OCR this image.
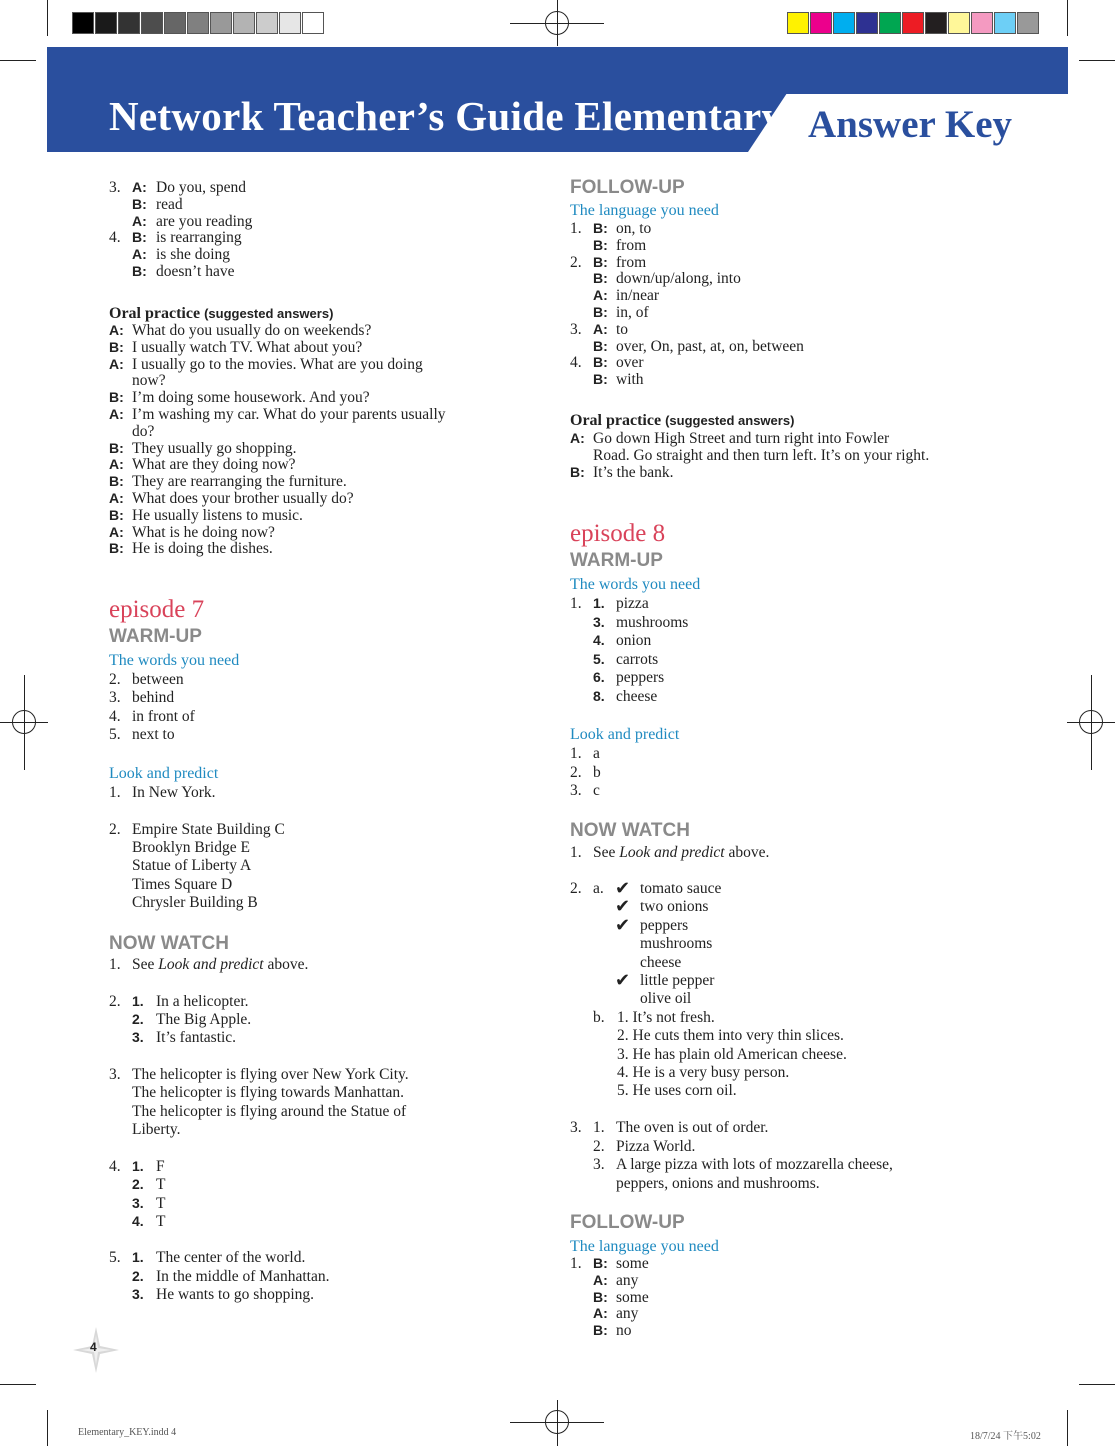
Network Teacher’s Guide Elementary Answer Key
3. A: Do you, spend
B: read
A: are you reading
4. B: is rearranging
A: is she doing
B: doesn’t have
Oral practice (suggested answers)
A: What do you usually do on weekends?
B: I usually watch TV. What about you?
A: I usually go to the movies. What are you doing
now?
B: I’m doing some housework. And you?
A: I’m washing my car. What do your parents usually
do?
B: They usually go shopping.
A: What are they doing now?
B: They are rearranging the furniture.
A: What does your brother usually do?
B: He usually listens to music.
A: What is he doing now?
B: He is doing the dishes.
episode 7
WARM-UP
The words you need
2. between
3. behind
4. in front of
5. next to
Look and predict
1. In New York.
2. Empire State Building C
Brooklyn Bridge E
Statue of Liberty A
Times Square D
Chrysler Building B
NOW WATCH
1. See Look and predict above.
2. 1. In a helicopter.
2. The Big Apple.
3. It’s fantastic.
3. The helicopter is flying over New York City.
The helicopter is flying towards Manhattan.
The helicopter is flying around the Statue of
Liberty.
4. 1. F
2. T
3. T
4. T
5. 1. The center of the world.
2. In the middle of Manhattan.
3. He wants to go shopping.
FOLLOW-UP
The language you need
1. B: on, to
B: from
2. B: from
B: down/up/along, into
A: in/near
B: in, of
3. A: to
B: over, On, past, at, on, between
4. B: over
B: with
Oral practice (suggested answers)
A: Go down High Street and turn right into Fowler
Road. Go straight and then turn left. It’s on your right.
B: It’s the bank.
episode 8
WARM-UP
The words you need
1. 1. pizza
3. mushrooms
4. onion
5. carrots
6. peppers
8. cheese
Look and predict
1. a
2. b
3. c
NOW WATCH
1. See Look and predict above.
2. a. ✔ tomato sauce
✔ two onions
✔ peppers
mushrooms
cheese
✔ little pepper
olive oil
b. 1. It’s not fresh.
2. He cuts them into very thin slices.
3. He has plain old American cheese.
4. He is a very busy person.
5. He uses corn oil.
3. 1. The oven is out of order.
2. Pizza World.
3. A large pizza with lots of mozzarella cheese,
peppers, onions and mushrooms.
FOLLOW-UP
The language you need
1. B: some
A: any
B: some
A: any
B: no
4
Elementary_KEY.indd 4	18/7/24 下午5:02
